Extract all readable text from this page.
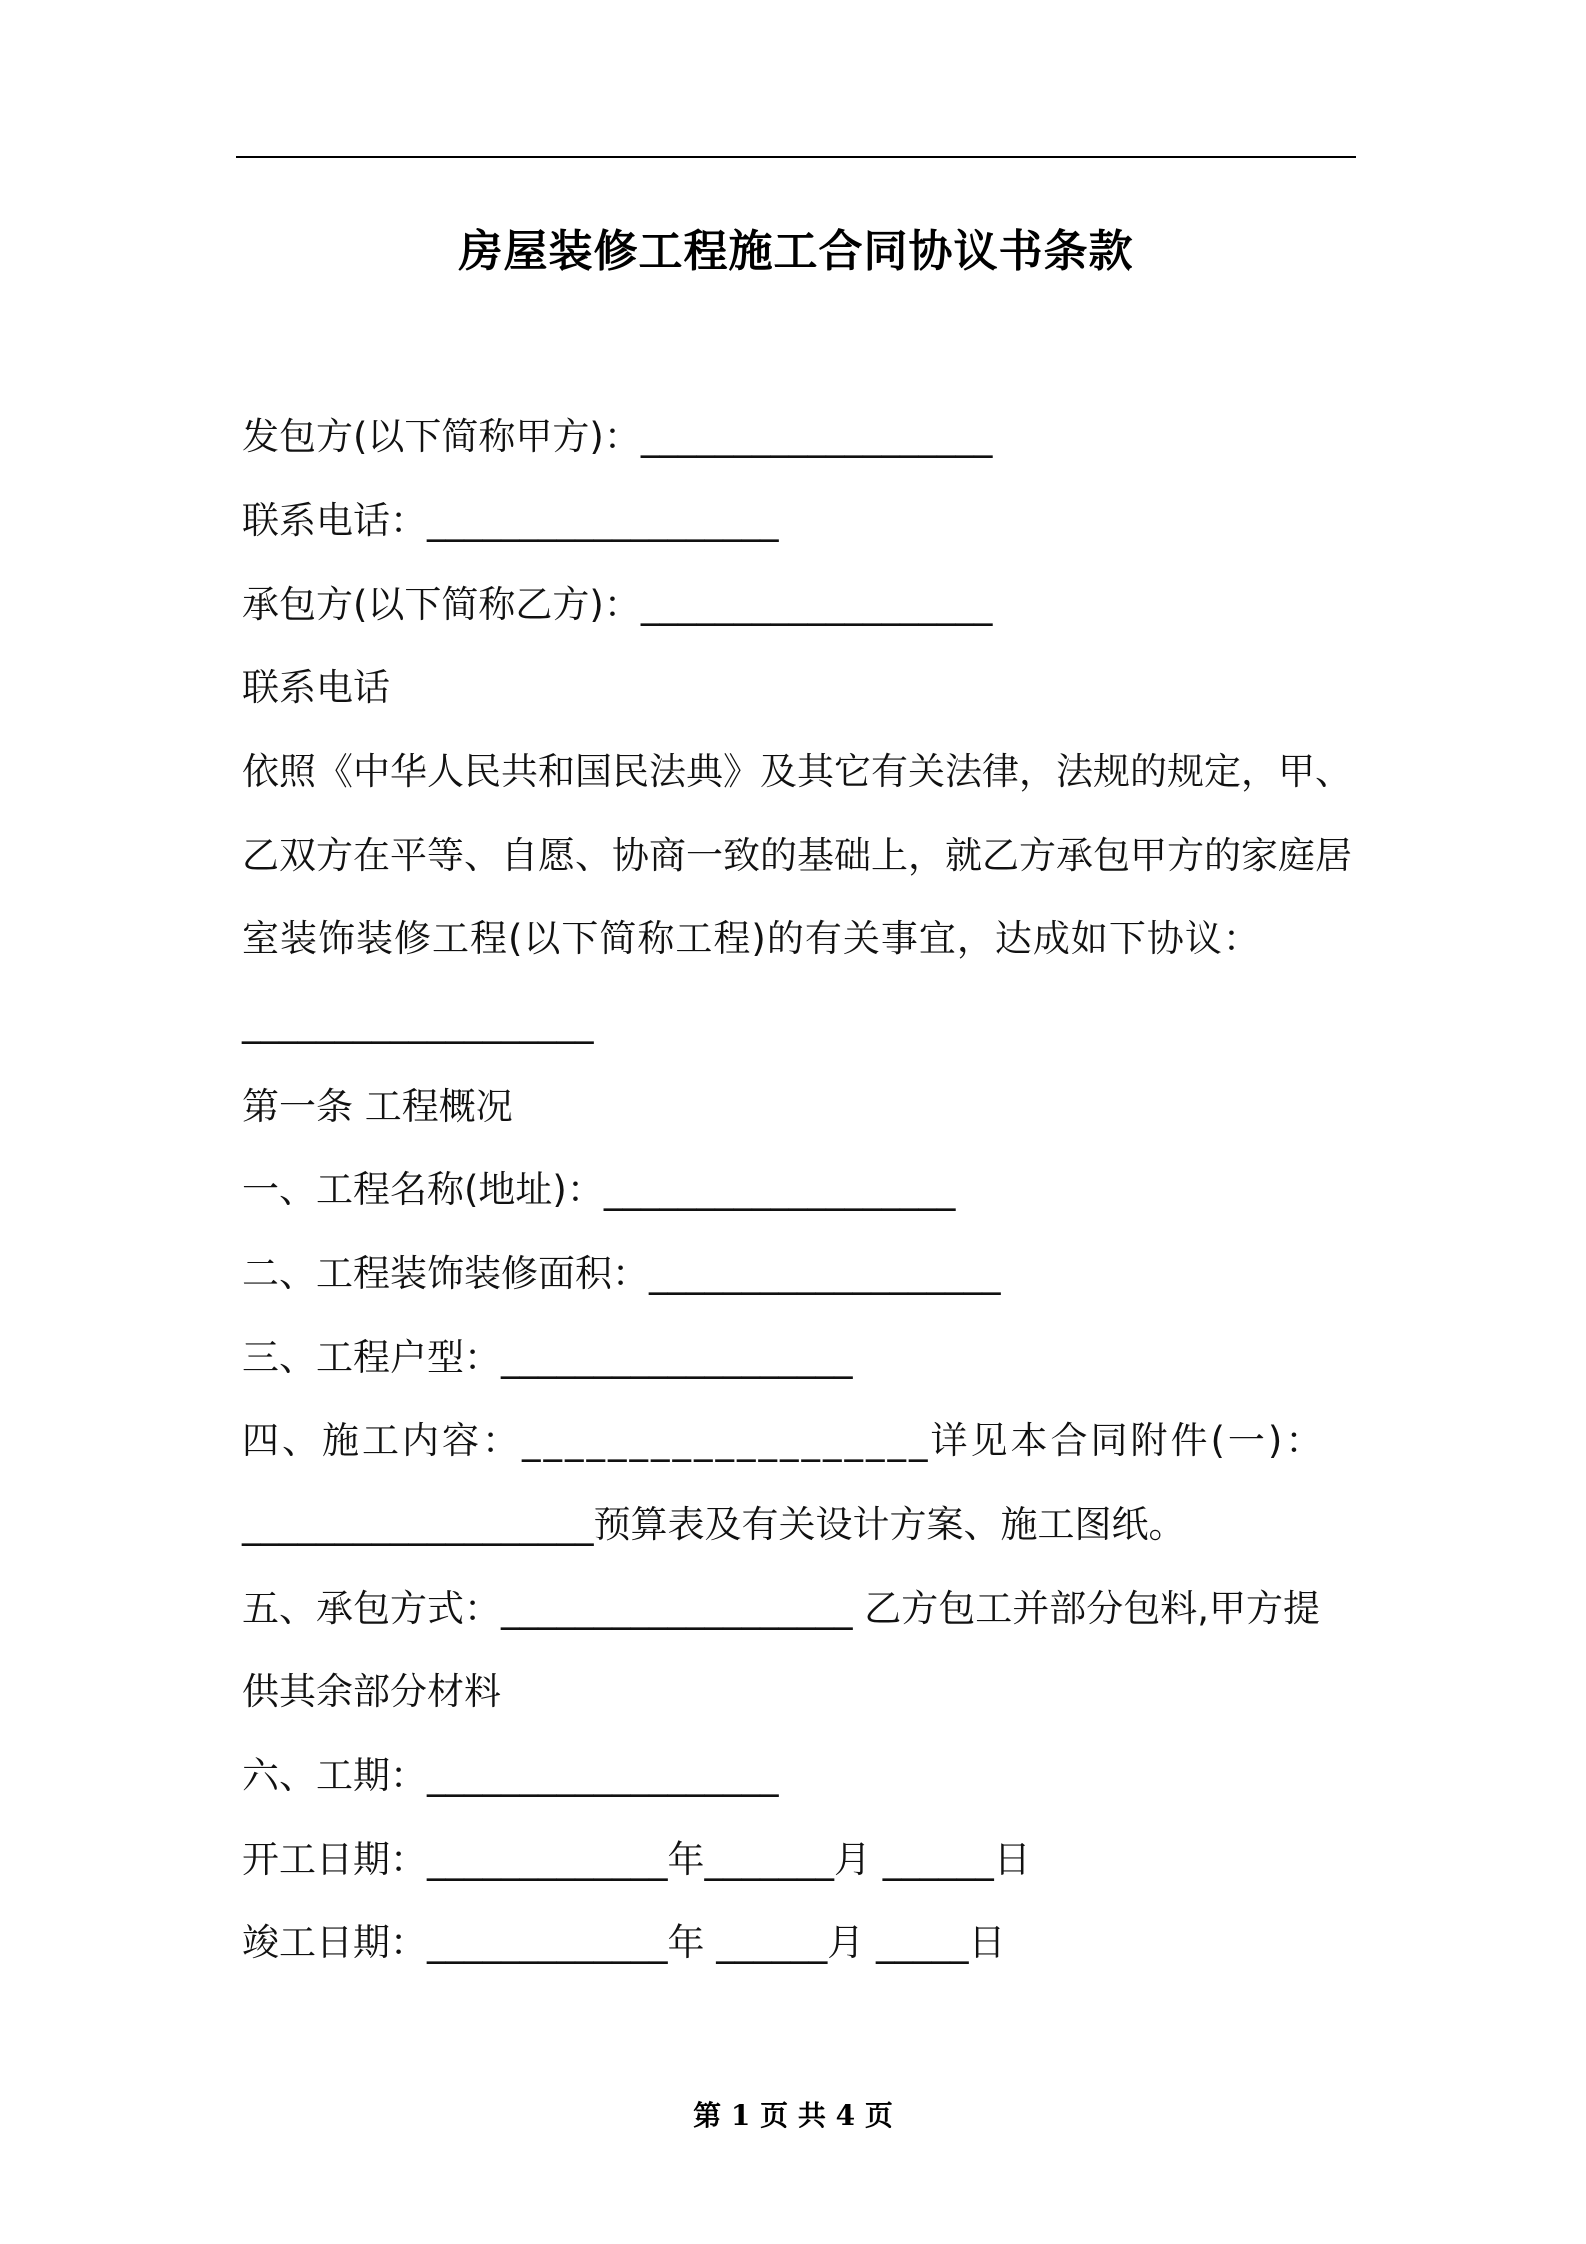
房屋装修工程施工合同协议书条款
发包方(以下简称甲方)：___________________
联系电话：___________________
承包方(以下简称乙方)：___________________
联系电话
依照《中华人民共和国民法典》及其它有关法律，法规的规定，甲、
乙双方在平等、自愿、协商一致的基础上，就乙方承包甲方的家庭居
室装饰装修工程(以下简称工程)的有关事宜，达成如下协议：
___________________
第一条 工程概况
一、工程名称(地址)：___________________
二、工程装饰装修面积：___________________
三、工程户型：___________________
四、施工内容：___________________详见本合同附件(一)：
___________________预算表及有关设计方案、施工图纸。
五、承包方式：___________________ 乙方包工并部分包料,甲方提
供其余部分材料
六、工期：___________________
开工日期：_____________年_______月 ______日
竣工日期：_____________年 ______月 _____日
第 1 页 共 4 页
